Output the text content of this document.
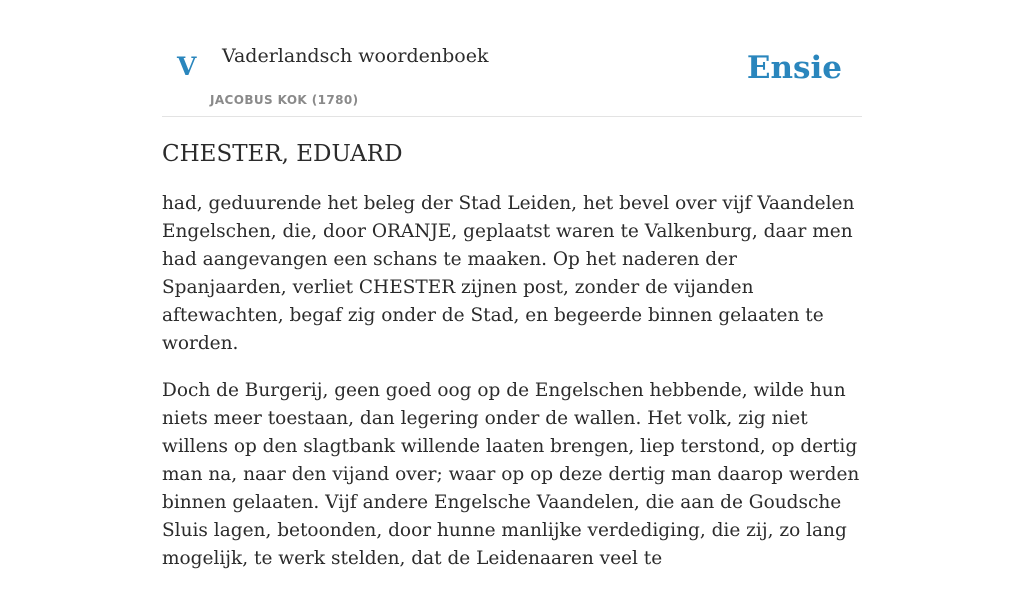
V Vaderlandsch woordenboek
JACOBUS KOK (1780)
Ensie
CHESTER, EDUARD

had, geduurende het beleg der Stad Leiden, het bevel over vijf Vaandelen Engelschen, die, door ORANJE, geplaatst waren te Valkenburg, daar men had aangevangen een schans te maaken. Op het naderen der Spanjaarden, verliet CHESTER zijnen post, zonder de vijanden aftewachten, begaf zig onder de Stad, en begeerde binnen gelaaten te worden.

Doch de Burgerij, geen goed oog op de Engelschen hebbende, wilde hun niets meer toestaan, dan legering onder de wallen. Het volk, zig niet willens op den slagtbank willende laaten brengen, liep terstond, op dertig man na, naar den vijand over; waar op op deze dertig man daarop werden binnen gelaaten. Vijf andere Engelsche Vaandelen, die aan de Goudsche Sluis lagen, betoonden, door hunne manlijke verdediging, die zij, zo lang mogelijk, te werk stelden, dat de Leidenaaren veel te
